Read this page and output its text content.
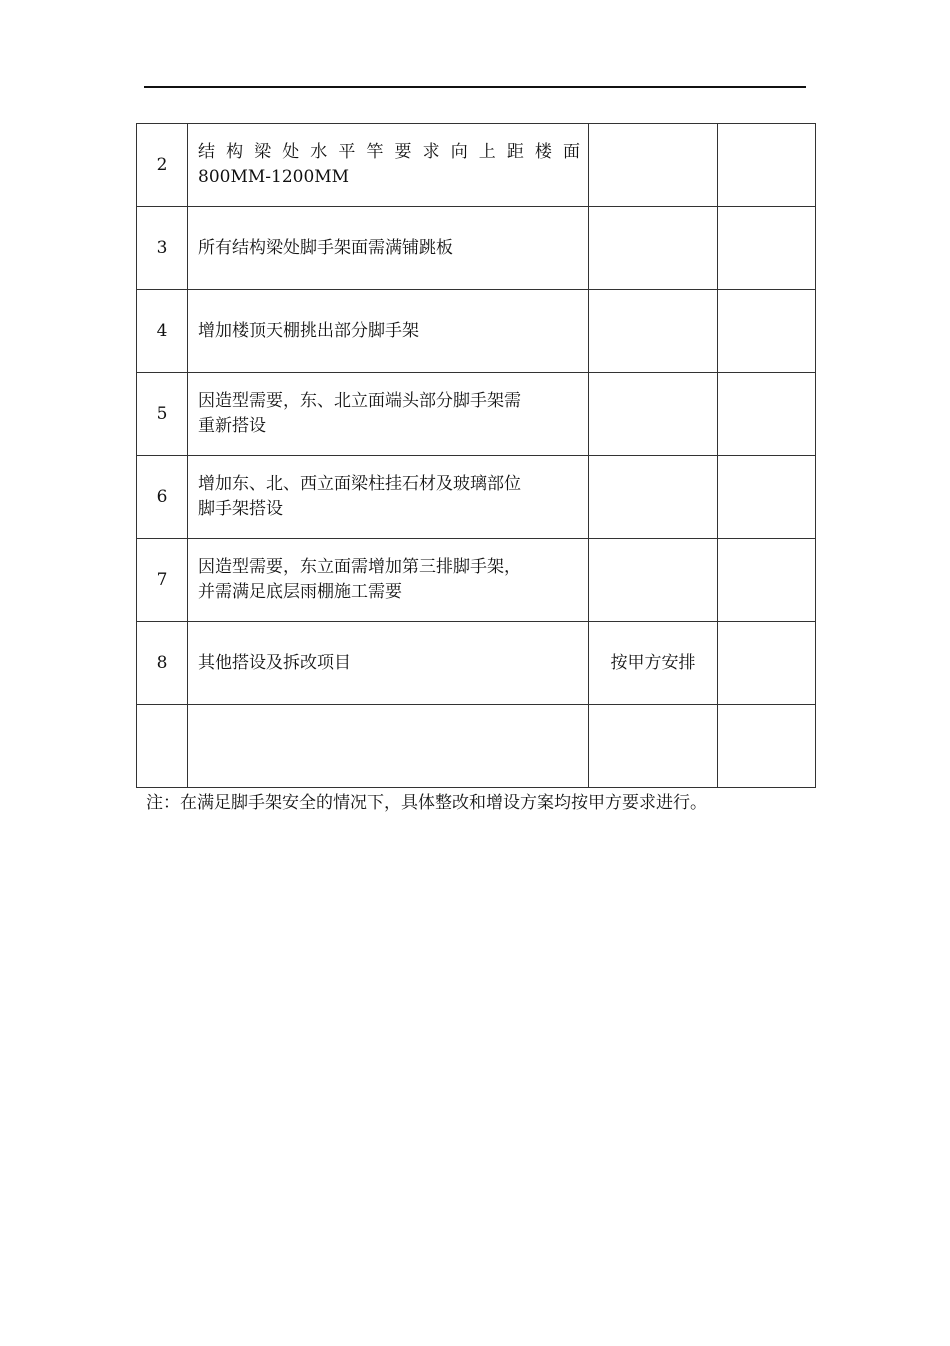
2	结 构 梁 处 水 平 竿 要 求 向 上 距 楼 面
800MM-1200MM		
3	所有结构梁处脚手架面需满铺跳板		
4	增加楼顶天棚挑出部分脚手架		
5	因造型需要，东、北立面端头部分脚手架需
重新搭设		
6	增加东、北、西立面梁柱挂石材及玻璃部位
脚手架搭设		
7	因造型需要，东立面需增加第三排脚手架，
并需满足底层雨棚施工需要		
8	其他搭设及拆改项目	按甲方安排	

注：在满足脚手架安全的情况下，具体整改和增设方案均按甲方要求进行。
